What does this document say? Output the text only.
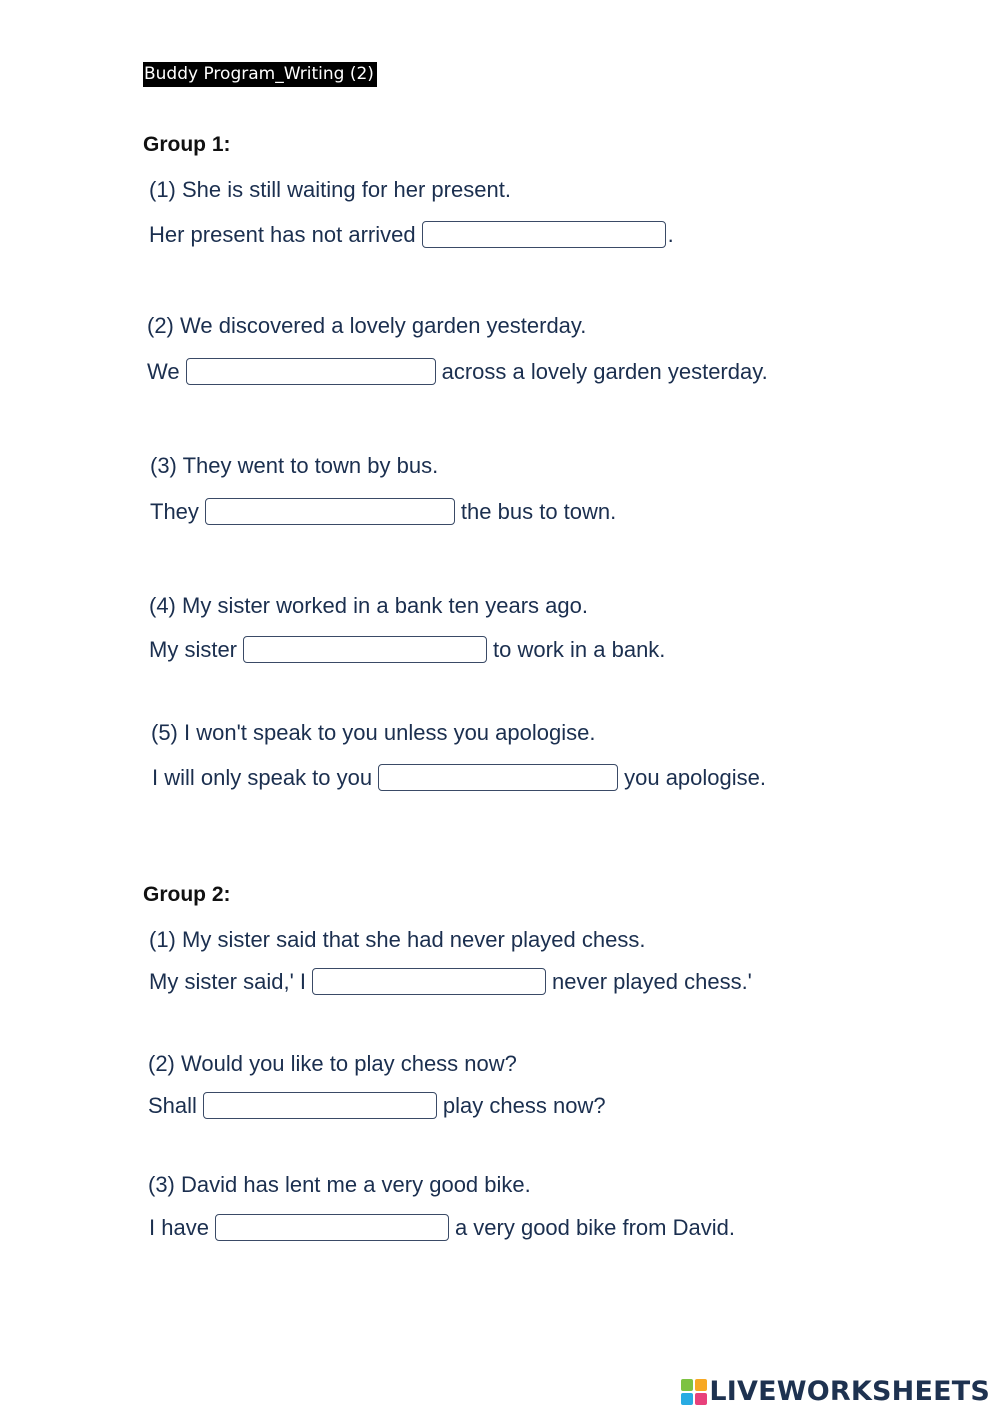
Buddy Program_Writing (2)
Group 1:
(1) She is still waiting for her present.
Her present has not arrived	.
(2) We discovered a lovely garden yesterday.
We	across a lovely garden yesterday.
(3) They went to town by bus.
They	the bus to town.
(4) My sister worked in a bank ten years ago.
My sister	to work in a bank.
(5) I won't speak to you unless you apologise.
I will only speak to you	you apologise.
Group 2:
(1) My sister said that she had never played chess.
My sister said,' I	never played chess.'
(2) Would you like to play chess now?
Shall	play chess now?
(3) David has lent me a very good bike.
I have	a very good bike from David.
LIVEWORKSHEETS
